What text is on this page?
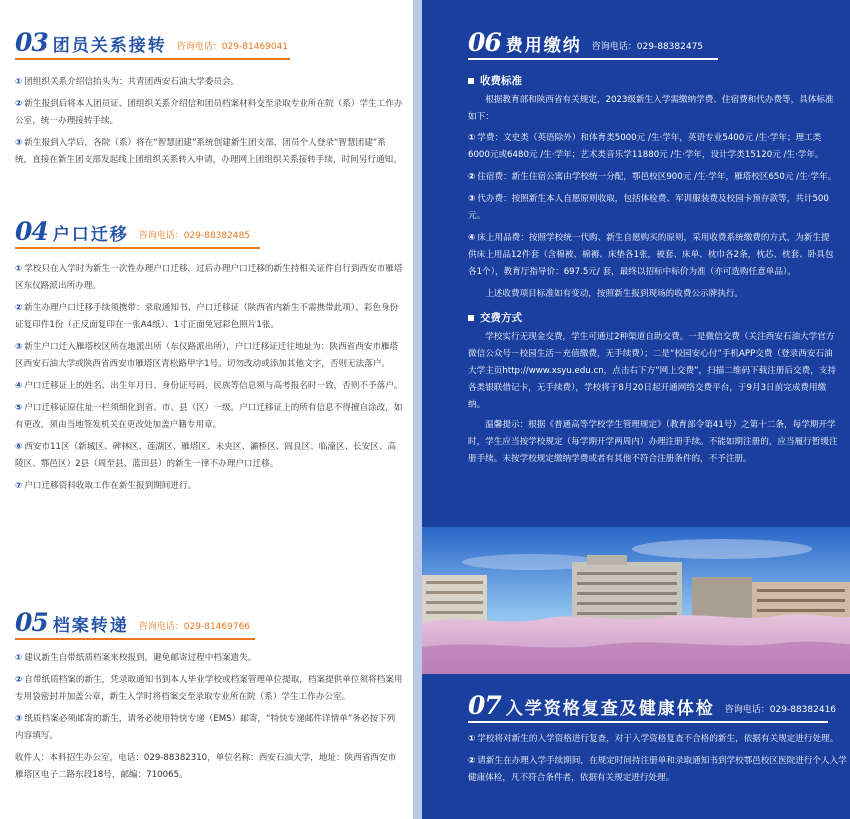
03 团员关系接转 咨询电话：029-81469041

① 团组织关系介绍信抬头为：共青团西安石油大学委员会。

② 新生报到后将本人团员证、团组织关系介绍信和团员档案材料交至录取专业所在院（系）学生工作办公室，统一办理接转手续。

③ 新生报到入学后，各院（系）将在“智慧团建”系统创建新生团支部，团员个人登录“智慧团建”系统，直接在新生团支部发起线上团组织关系转入申请，办理网上团组织关系接转手续，时间另行通知。

04 户口迁移 咨询电话：029-88382485

① 学校只在入学时为新生一次性办理户口迁移，过后办理户口迁移的新生持相关证件自行到西安市雁塔区东仪路派出所办理。

② 新生办理户口迁移手续须携带：录取通知书、户口迁移证（陕西省内新生不需携带此项）、彩色身份证复印件1份（正反面复印在一张A4纸）、1寸正面免冠彩色照片1张。

③ 新生户口迁入雁塔校区所在地派出所（东仪路派出所），户口迁移证迁往地址为：陕西省西安市雁塔区西安石油大学或陕西省西安市雁塔区青松路甲字1号。切勿改动或添加其他文字，否则无法落户。

④ 户口迁移证上的姓名、出生年月日、身份证号码、民族等信息须与高考报名时一致，否则不予落户。

⑤ 户口迁移证原住址一栏须细化到省、市、县（区）一级。户口迁移证上的所有信息不得擅自涂改，如有更改，须由当地签发机关在更改处加盖户籍专用章。

⑥ 西安市11区（新城区、碑林区、莲湖区、雁塔区、未央区、灞桥区、阎良区、临潼区、长安区、高陵区、鄠邑区）2县（周至县、蓝田县）的新生一律不办理户口迁移。

⑦ 户口迁移资料收取工作在新生报到期间进行。

05 档案转递 咨询电话：029-81469766

① 建议新生自带纸质档案来校报到，避免邮寄过程中档案遗失。

② 自带纸质档案的新生，凭录取通知书到本人毕业学校或档案管理单位提取，档案提供单位须将档案用专用袋密封并加盖公章，新生入学时将档案交至录取专业所在院（系）学生工作办公室。

③ 纸质档案必须邮寄的新生，请务必使用特快专递（EMS）邮寄，“特快专递邮件详情单”务必按下列内容填写。

收件人：本科招生办公室，电话：029-88382310，单位名称：西安石油大学，地址：陕西省西安市雁塔区电子二路东段18号，邮编：710065。

06 费用缴纳 咨询电话：029-88382475
收费标准

根据教育部和陕西省有关规定，2023级新生入学需缴纳学费、住宿费和代办费等，具体标准如下：

① 学费：文史类（英语除外）和体育类5000元 /生·学年，英语专业5400元 /生·学年；理工类6000元或6480元 /生·学年；艺术类音乐学11880元 /生·学年，设计学类15120元 /生·学年。

② 住宿费：新生住宿公寓由学校统一分配，鄠邑校区900元 /生·学年，雁塔校区650元 /生·学年。

③ 代办费：按照新生本人自愿原则收取，包括体检费、军训服装费及校园卡预存款等，共计500元。

④ 床上用品费：按照学校统一代购、新生自愿购买的原则，采用收费系统缴费的方式，为新生提供床上用品12件套（含棉被、棉褥、床垫各1张，被套、床单、枕巾各2条，枕芯、枕套、卧具包各1个），教育厅指导价：697.5元/ 套，最终以招标中标价为准（亦可选购任意单品）。

上述收费项目标准如有变动，按照新生报到现场的收费公示牌执行。

交费方式

学校实行无现金交费，学生可通过2种渠道自助交费。一是微信交费（关注西安石油大学官方微信公众号－校园生活－充值缴费，无手续费）；二是“校园安心付”手机APP交费（登录西安石油大学主页http://www.xsyu.edu.cn，点击右下方“网上交费”，扫描二维码下载注册后交费，支持各类银联借记卡，无手续费），学校将于8月20日起开通网络交费平台，于9月3日前完成费用缴纳。

温馨提示：根据《普通高等学校学生管理规定》（教育部令第41号）之第十二条，每学期开学时，学生应当按学校规定（每学期开学两周内）办理注册手续。不能如期注册的，应当履行暂缓注册手续。未按学校规定缴纳学费或者有其他不符合注册条件的，不予注册。

07 入学资格复查及健康体检 咨询电话：029-88382416

① 学校将对新生的入学资格进行复查，对于入学资格复查不合格的新生，依据有关规定进行处理。

② 请新生在办理入学手续期间，在规定时间持注册单和录取通知书到学校鄠邑校区医院进行个人入学健康体检，凡不符合条件者，依据有关规定进行处理。
